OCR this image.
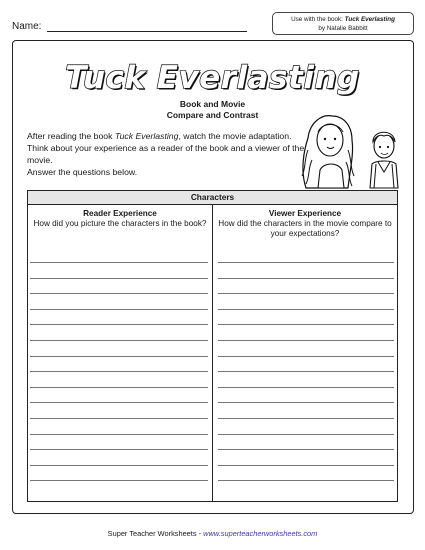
Name:
Use with the book: Tuck Everlasting
by Natalie Babbitt
Tuck Everlasting
Book and Movie
Compare and Contrast
After reading the book Tuck Everlasting, watch the movie adaptation. Think about your experience as a reader of the book and a viewer of the movie.
Answer the questions below.
Characters
Reader Experience
How did you picture the characters in the book?
Viewer Experience
How did the characters in the movie compare to your expectations?
Super Teacher Worksheets - www.superteacherworksheets.com
